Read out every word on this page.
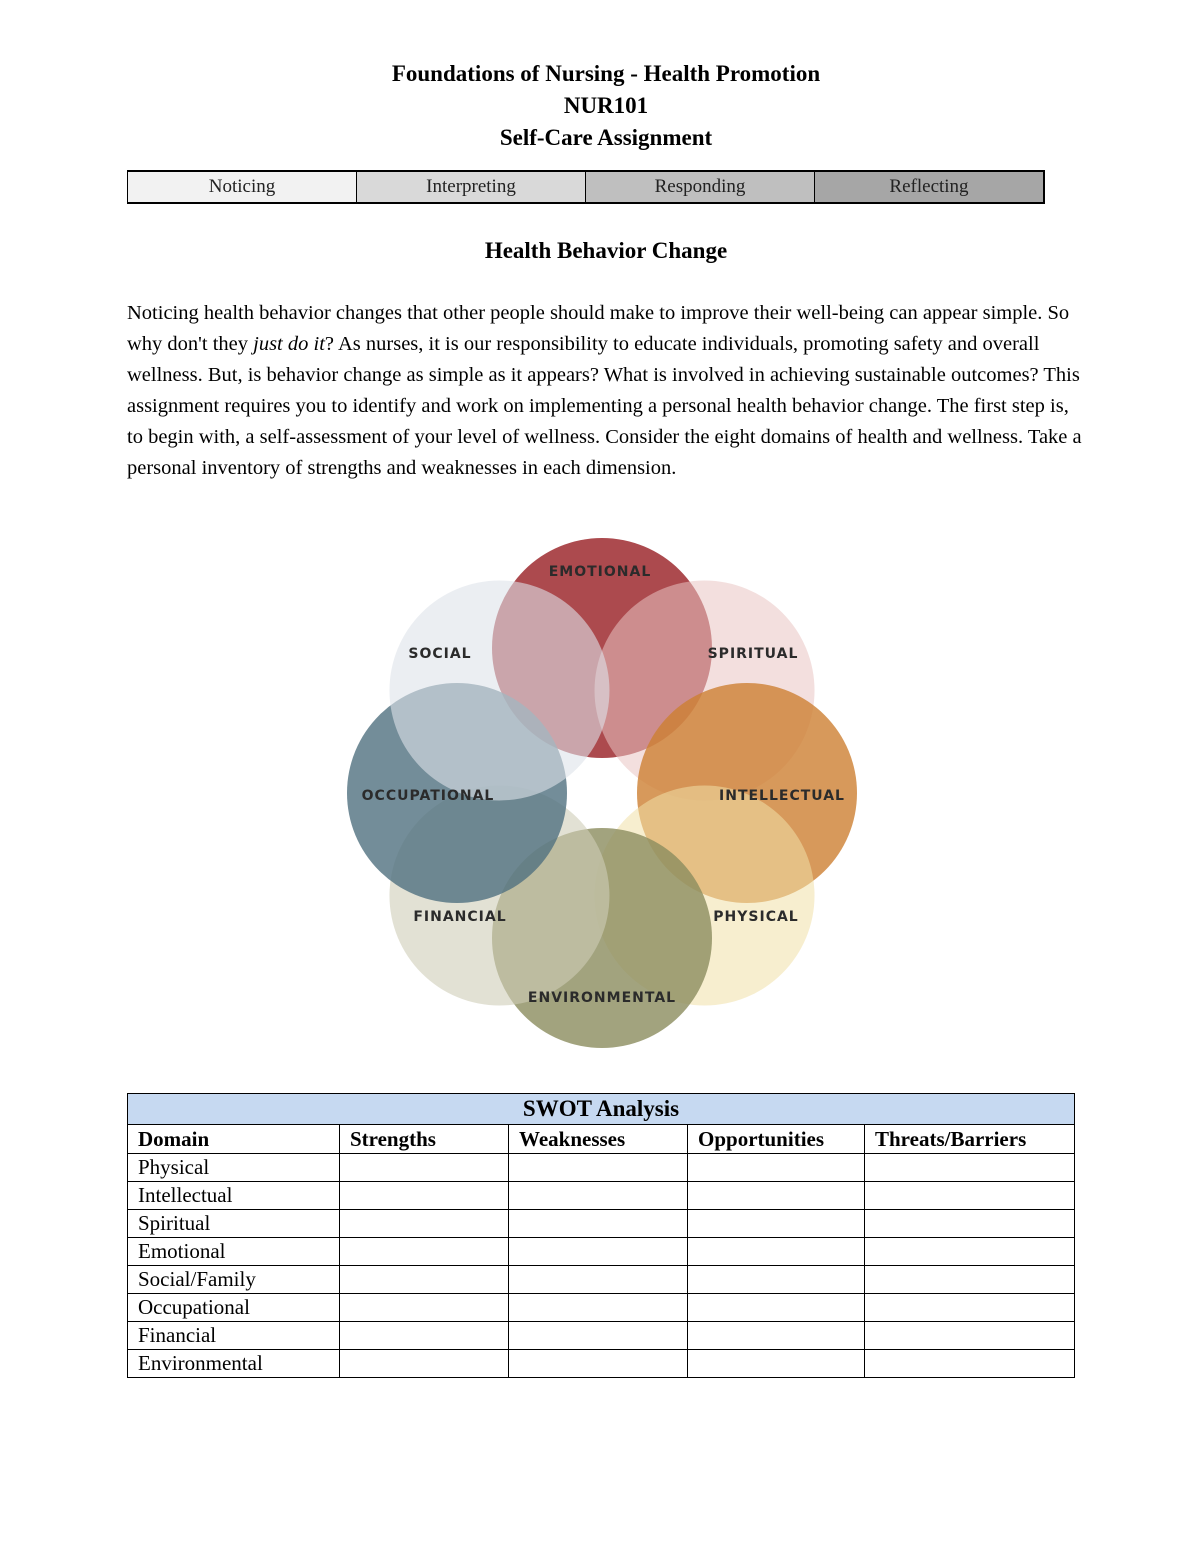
Foundations of Nursing - Health Promotion
NUR101
Self-Care Assignment
Noticing	Interpreting	Responding	Reflecting
Health Behavior Change
Noticing health behavior changes that other people should make to improve their well-being can appear simple. So why don't they just do it? As nurses, it is our responsibility to educate individuals, promoting safety and overall wellness. But, is behavior change as simple as it appears? What is involved in achieving sustainable outcomes? This assignment requires you to identify and work on implementing a personal health behavior change. The first step is, to begin with, a self-assessment of your level of wellness. Consider the eight domains of health and wellness. Take a personal inventory of strengths and weaknesses in each dimension.
EMOTIONAL
SPIRITUAL
INTELLECTUAL
PHYSICAL
ENVIRONMENTAL
FINANCIAL
OCCUPATIONAL
SOCIAL
SWOT Analysis				
Domain	Strengths	Weaknesses	Opportunities	Threats/Barriers
Physical				
Intellectual				
Spiritual				
Emotional				
Social/Family				
Occupational				
Financial				
Environmental				
